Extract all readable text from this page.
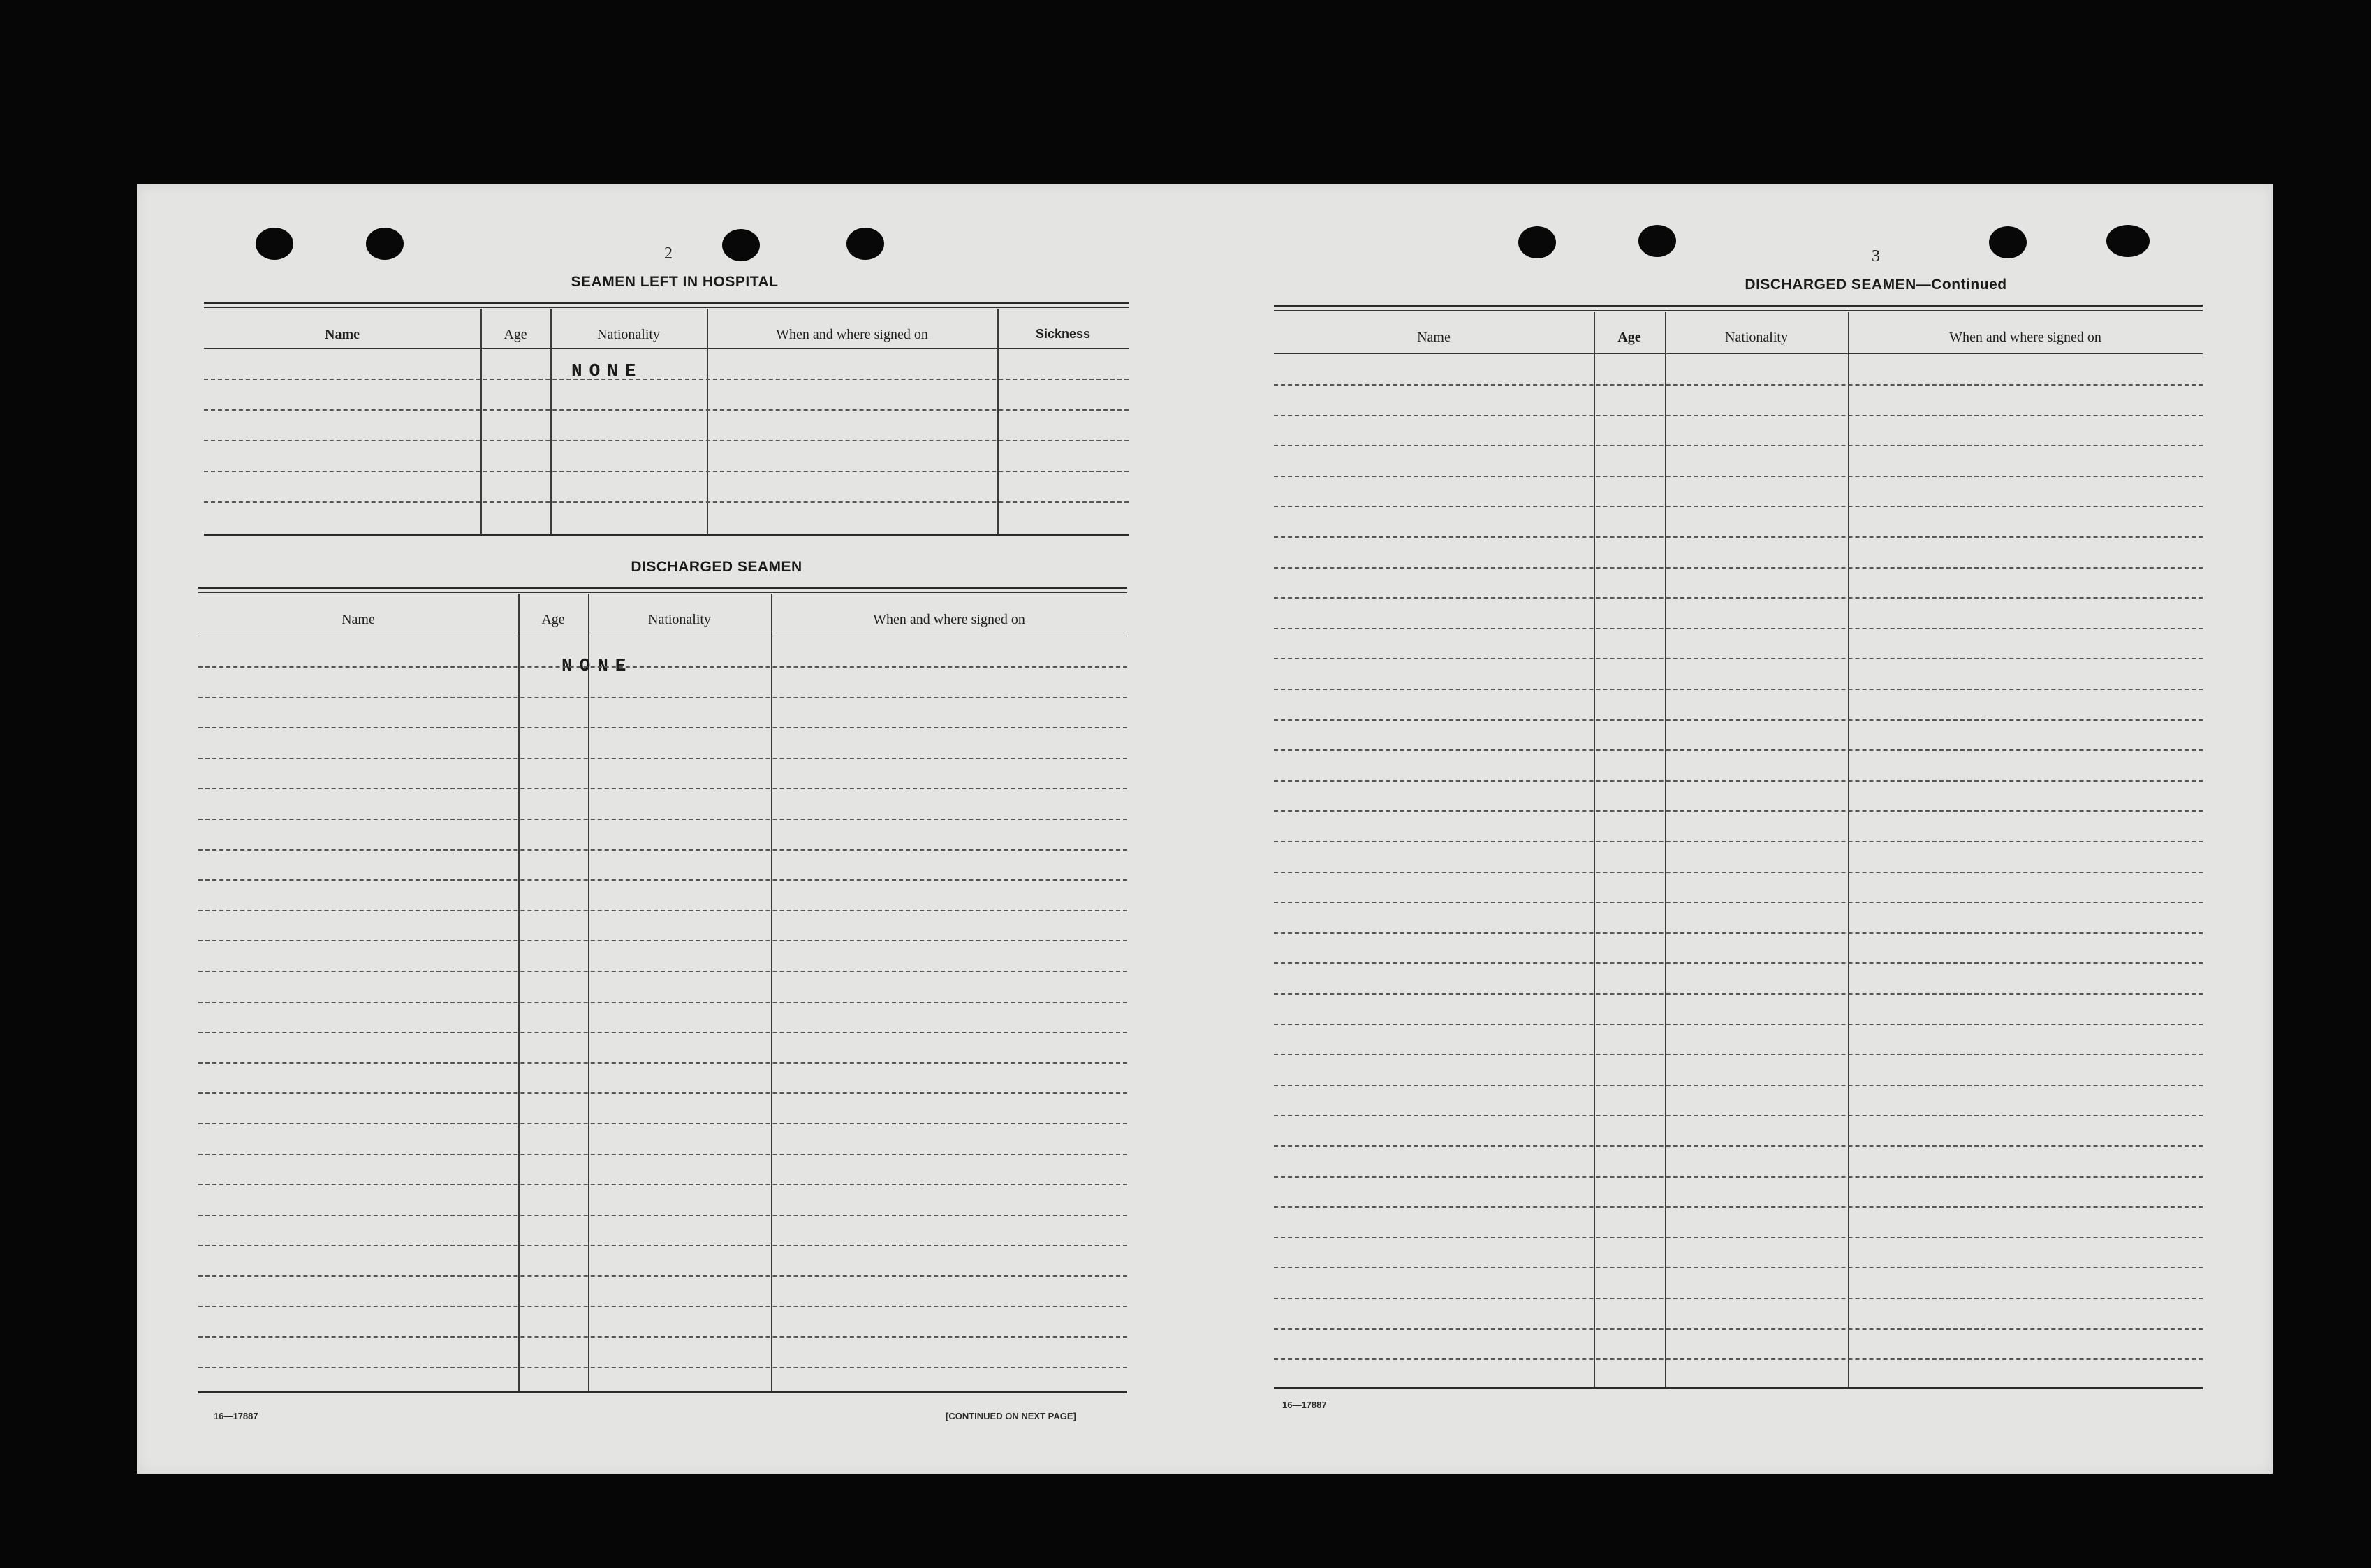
2
SEAMEN LEFT IN HOSPITAL
Name	Age	Nationality	When and where signed on	Sickness
NONE
DISCHARGED SEAMEN
Name	Age	Nationality	When and where signed on
NONE
16—17887	[CONTINUED ON NEXT PAGE]
3
DISCHARGED SEAMEN—Continued
Name	Age	Nationality	When and where signed on
16—17887
